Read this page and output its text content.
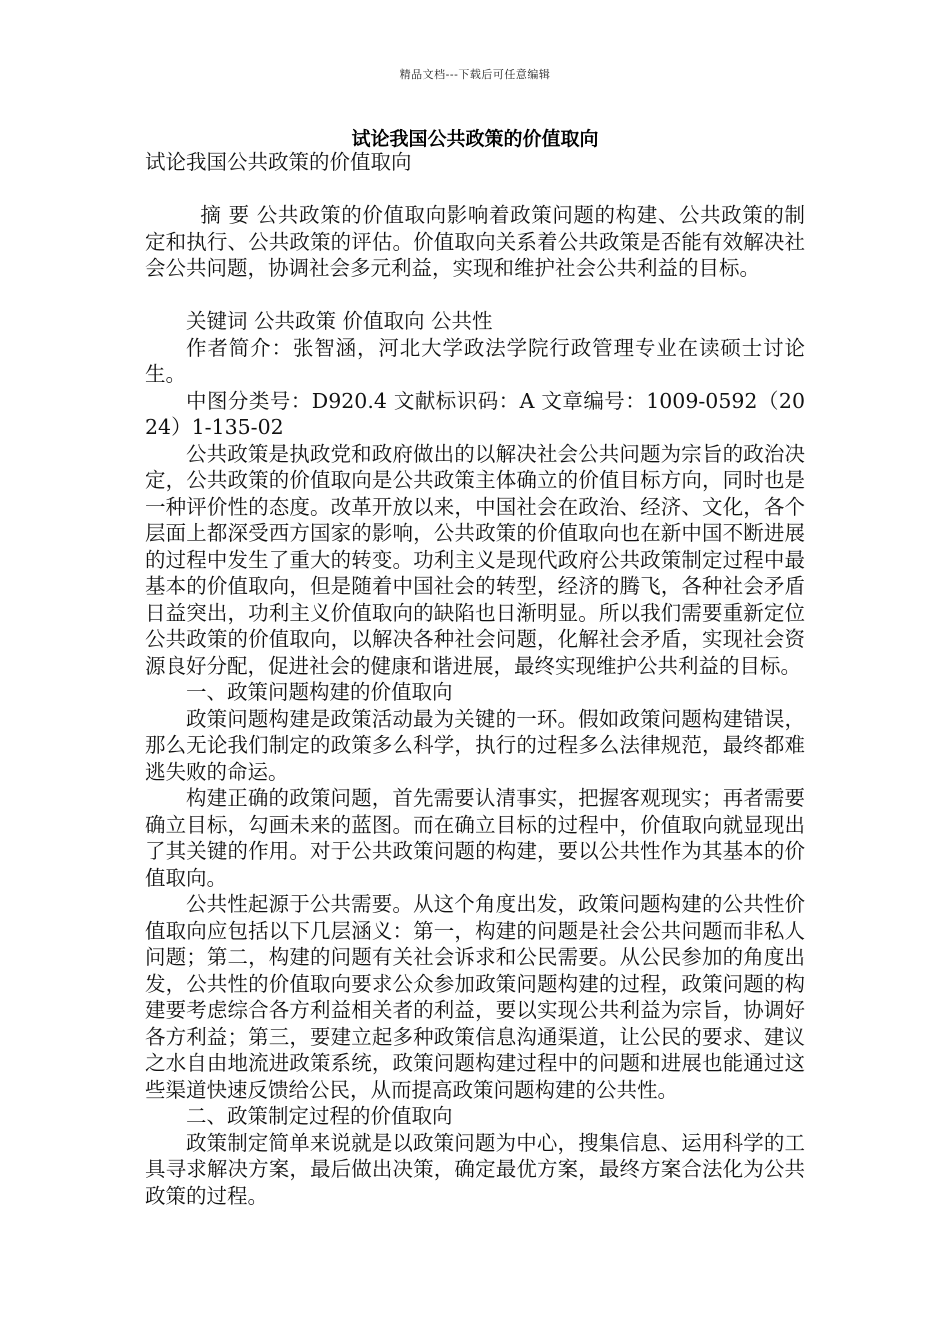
精品文档---下载后可任意编辑
试论我国公共政策的价值取向

试论我国公共政策的价值取向

摘 要 公共政策的价值取向影响着政策问题的构建、公共政策的制定和执行、公共政策的评估。价值取向关系着公共政策是否能有效解决社会公共问题，协调社会多元利益，实现和维护社会公共利益的目标。

关键词 公共政策 价值取向 公共性

作者简介：张智涵，河北大学政法学院行政管理专业在读硕士讨论生。

中图分类号：D920.4 文献标识码：A 文章编号：1009-0592（2024）1-135-02

公共政策是执政党和政府做出的以解决社会公共问题为宗旨的政治决定，公共政策的价值取向是公共政策主体确立的价值目标方向，同时也是一种评价性的态度。改革开放以来，中国社会在政治、经济、文化，各个层面上都深受西方国家的影响，公共政策的价值取向也在新中国不断进展的过程中发生了重大的转变。功利主义是现代政府公共政策制定过程中最基本的价值取向，但是随着中国社会的转型，经济的腾飞，各种社会矛盾日益突出，功利主义价值取向的缺陷也日渐明显。所以我们需要重新定位公共政策的价值取向，以解决各种社会问题，化解社会矛盾，实现社会资源良好分配，促进社会的健康和谐进展，最终实现维护公共利益的目标。

一、政策问题构建的价值取向

政策问题构建是政策活动最为关键的一环。假如政策问题构建错误，那么无论我们制定的政策多么科学，执行的过程多么法律规范，最终都难逃失败的命运。

构建正确的政策问题，首先需要认清事实，把握客观现实；再者需要确立目标，勾画未来的蓝图。而在确立目标的过程中，价值取向就显现出了其关键的作用。对于公共政策问题的构建，要以公共性作为其基本的价值取向。

公共性起源于公共需要。从这个角度出发，政策问题构建的公共性价值取向应包括以下几层涵义：第一，构建的问题是社会公共问题而非私人问题；第二，构建的问题有关社会诉求和公民需要。从公民参加的角度出发，公共性的价值取向要求公众参加政策问题构建的过程，政策问题的构建要考虑综合各方利益相关者的利益，要以实现公共利益为宗旨，协调好各方利益；第三，要建立起多种政策信息沟通渠道，让公民的要求、建议之水自由地流进政策系统，政策问题构建过程中的问题和进展也能通过这些渠道快速反馈给公民，从而提高政策问题构建的公共性。

二、政策制定过程的价值取向

政策制定简单来说就是以政策问题为中心，搜集信息、运用科学的工具寻求解决方案，最后做出决策，确定最优方案，最终方案合法化为公共政策的过程。
